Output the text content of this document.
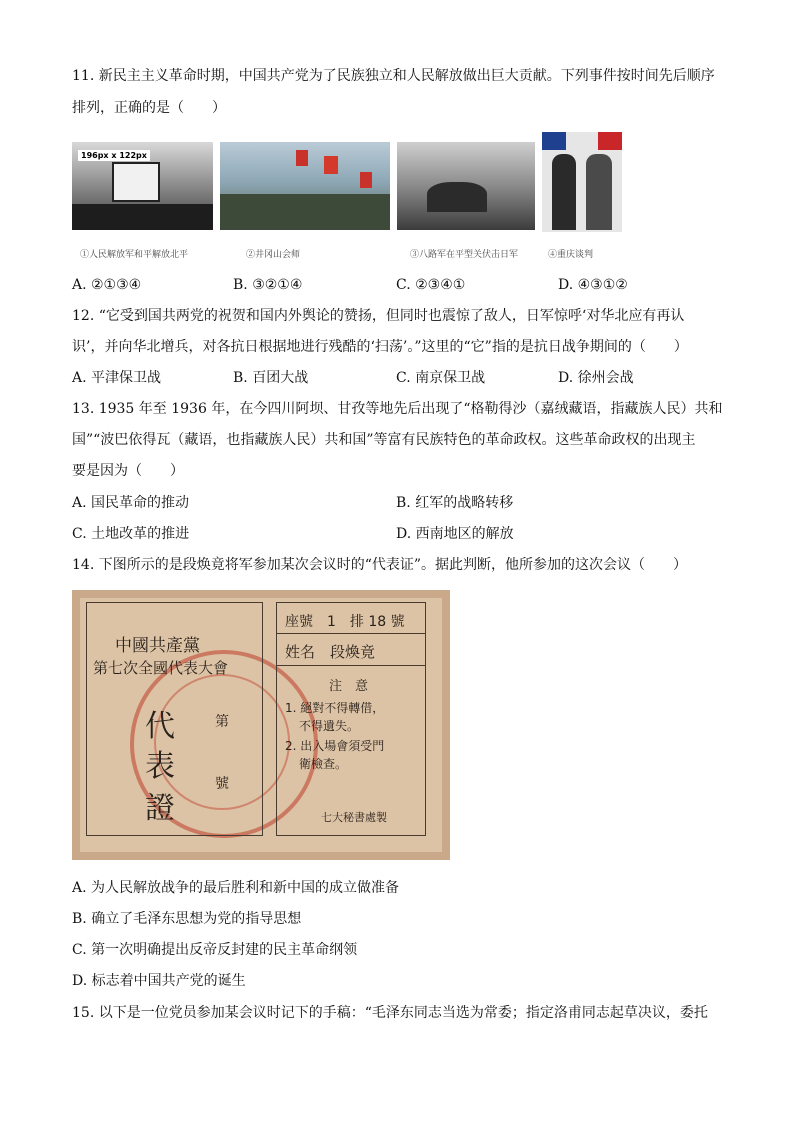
11. 新民主主义革命时期，中国共产党为了民族独立和人民解放做出巨大贡献。下列事件按时间先后顺序
排列，正确的是（　　）
196px x 122px
①人民解放军和平解放北平	②井冈山会师	③八路军在平型关伏击日军	④重庆谈判
A. ②①③④	B. ③②①④	C. ②③④①	D. ④③①②
12. “它受到国共两党的祝贺和国内外舆论的赞扬，但同时也震惊了敌人，日军惊呼‘对华北应有再认
识’，并向华北增兵，对各抗日根据地进行残酷的‘扫荡’。”这里的“它”指的是抗日战争期间的（　　）
A. 平津保卫战	B. 百团大战	C. 南京保卫战	D. 徐州会战
13. 1935 年至 1936 年，在今四川阿坝、甘孜等地先后出现了“格勒得沙（嘉绒藏语，指藏族人民）共和
国”“波巴依得瓦（藏语，也指藏族人民）共和国”等富有民族特色的革命政权。这些革命政权的出现主
要是因为（　　）
A. 国民革命的推动	B. 红军的战略转移
C. 土地改革的推进	D. 西南地区的解放
14. 下图所示的是段焕竟将军参加某次会议时的“代表证”。据此判断，他所参加的这次会议（　　）
中國共產黨
第七次全國代表大會
代
表
證
第
號
座號　1　排 18 號
姓名　段煥竟
注　意
1. 絕對不得轉借，
不得遺失。
2. 出入場會須受門
衛檢查。
七大秘書處製
A. 为人民解放战争的最后胜利和新中国的成立做准备
B. 确立了毛泽东思想为党的指导思想
C. 第一次明确提出反帝反封建的民主革命纲领
D. 标志着中国共产党的诞生
15. 以下是一位党员参加某会议时记下的手稿：“毛泽东同志当选为常委；指定洛甫同志起草决议，委托
